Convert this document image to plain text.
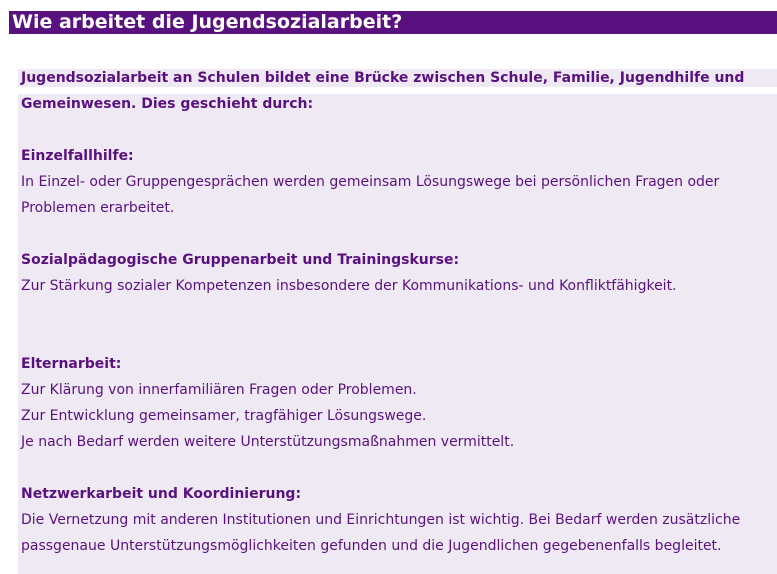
Wie arbeitet die Jugendsozialarbeit?
Jugendsozialarbeit an Schulen bildet eine Brücke zwischen Schule, Familie, Jugendhilfe und
Gemeinwesen. Dies geschieht durch:
Einzelfallhilfe:
In Einzel- oder Gruppengesprächen werden gemeinsam Lösungswege bei persönlichen Fragen oder
Problemen erarbeitet.
Sozialpädagogische Gruppenarbeit und Trainingskurse:
Zur Stärkung sozialer Kompetenzen insbesondere der Kommunikations- und Konfliktfähigkeit.
Elternarbeit:
Zur Klärung von innerfamiliären Fragen oder Problemen.
Zur Entwicklung gemeinsamer, tragfähiger Lösungswege.
Je nach Bedarf werden weitere Unterstützungsmaßnahmen vermittelt.
Netzwerkarbeit und Koordinierung:
Die Vernetzung mit anderen Institutionen und Einrichtungen ist wichtig. Bei Bedarf werden zusätzliche
passgenaue Unterstützungsmöglichkeiten gefunden und die Jugendlichen gegebenenfalls begleitet.
